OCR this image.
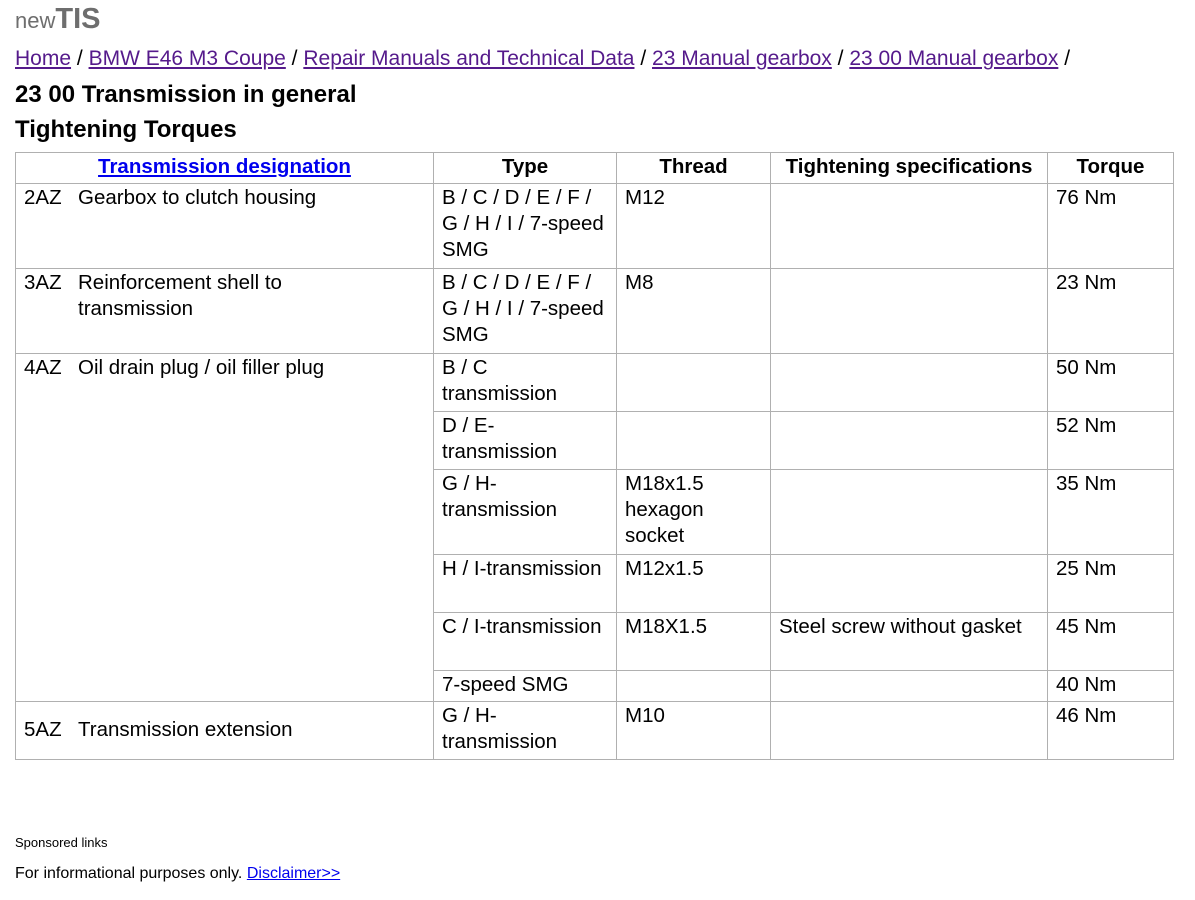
newTIS
Home / BMW E46 M3 Coupe / Repair Manuals and Technical Data / 23 Manual gearbox / 23 00 Manual gearbox /
23 00 Transmission in general
Tightening Torques
Transmission designation	Type	Thread	Tightening specifications	Torque
2AZ Gearbox to clutch housing	B / C / D / E / F / G / H / I / 7-speed SMG	M12		76 Nm
3AZ Reinforcement shell to transmission	B / C / D / E / F / G / H / I / 7-speed SMG	M8		23 Nm
4AZ Oil drain plug / oil filler plug	B / C transmission			50 Nm
	D / E-transmission			52 Nm
	G / H-transmission	M18x1.5 hexagon socket		35 Nm
	H / I-transmission	M12x1.5		25 Nm
	C / I-transmission	M18X1.5	Steel screw without gasket	45 Nm
	7-speed SMG			40 Nm
5AZ Transmission extension	G / H-transmission	M10		46 Nm
Sponsored links
For informational purposes only. Disclaimer>>
